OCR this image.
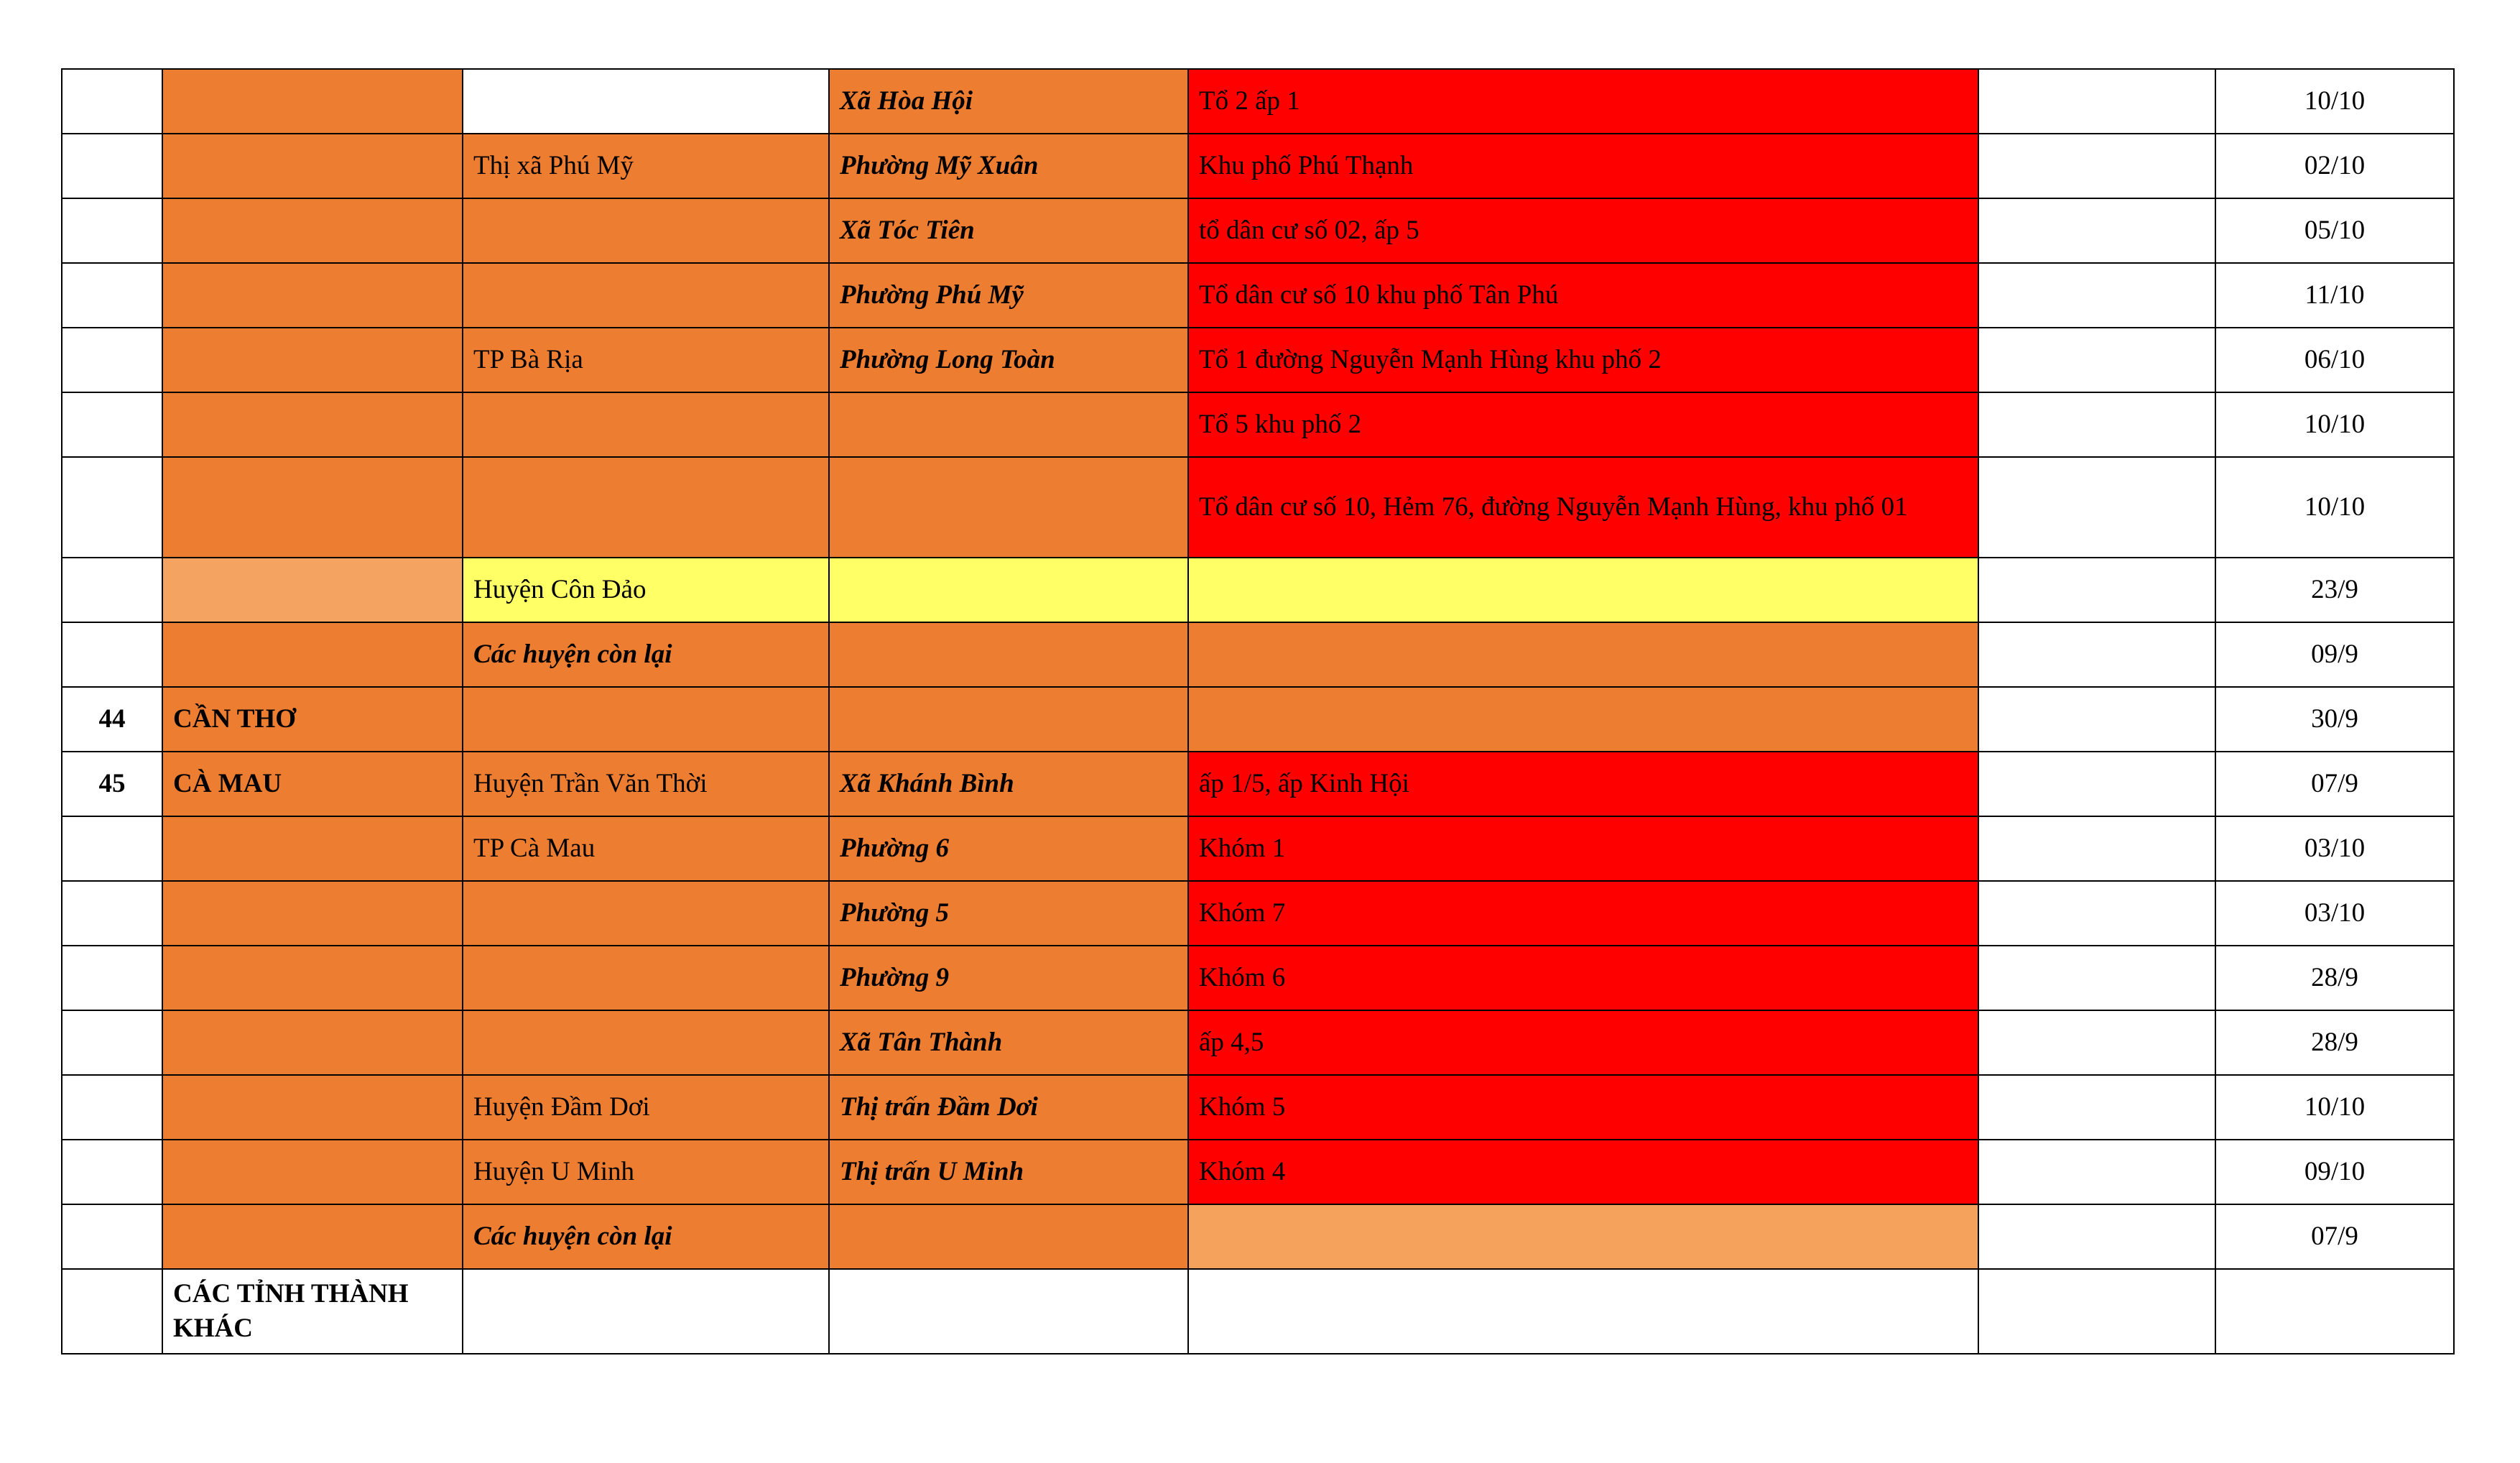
			Xã Hòa Hội	Tổ 2 ấp 1		10/10
		Thị xã Phú Mỹ	Phường Mỹ Xuân	Khu phố Phú Thạnh		02/10
			Xã Tóc Tiên	tổ dân cư số 02, ấp 5		05/10
			Phường Phú Mỹ	Tổ dân cư số 10 khu phố Tân Phú		11/10
		TP Bà Rịa	Phường Long Toàn	Tổ 1 đường Nguyễn Mạnh Hùng khu phố 2		06/10
				Tổ 5 khu phố 2		10/10
				Tổ dân cư số 10, Hẻm 76, đường Nguyễn Mạnh Hùng, khu phố 01		10/10
		Huyện Côn Đảo				23/9
		Các huyện còn lại				09/9
44	CẦN THƠ					30/9
45	CÀ MAU	Huyện Trần Văn Thời	Xã Khánh Bình	ấp 1/5, ấp Kinh Hội		07/9
		TP Cà Mau	Phường 6	Khóm 1		03/10
			Phường 5	Khóm 7		03/10
			Phường 9	Khóm 6		28/9
			Xã Tân Thành	ấp 4,5		28/9
		Huyện Đầm Dơi	Thị trấn Đầm Dơi	Khóm 5		10/10
		Huyện U Minh	Thị trấn U Minh	Khóm 4		09/10
		Các huyện còn lại				07/9
	CÁC TỈNH THÀNH KHÁC					
